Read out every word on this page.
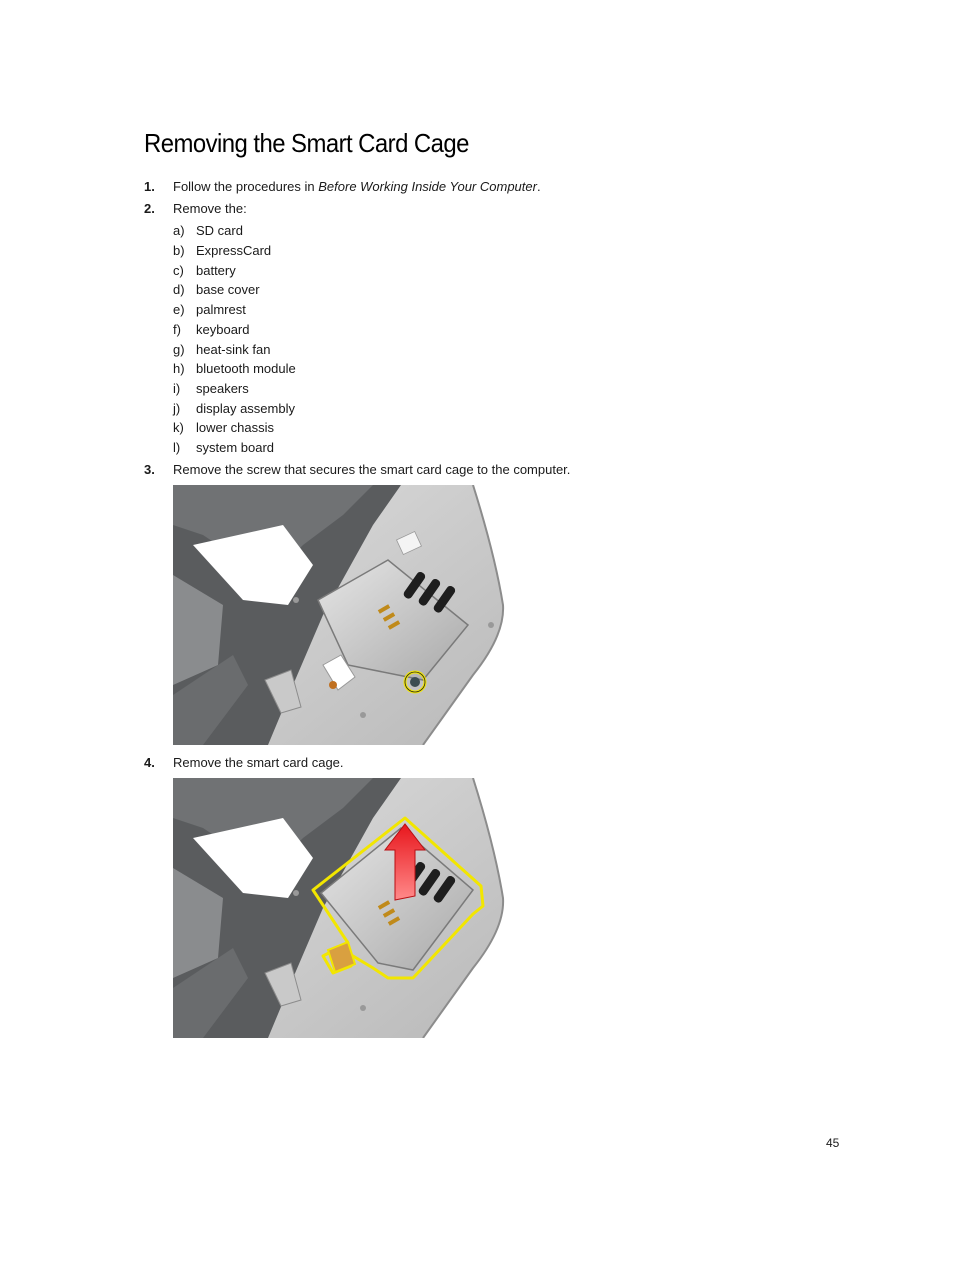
Removing the Smart Card Cage
1. Follow the procedures in Before Working Inside Your Computer.
2. Remove the:
a) SD card
b) ExpressCard
c) battery
d) base cover
e) palmrest
f) keyboard
g) heat-sink fan
h) bluetooth module
i) speakers
j) display assembly
k) lower chassis
l) system board
3. Remove the screw that secures the smart card cage to the computer.
4. Remove the smart card cage.
45
